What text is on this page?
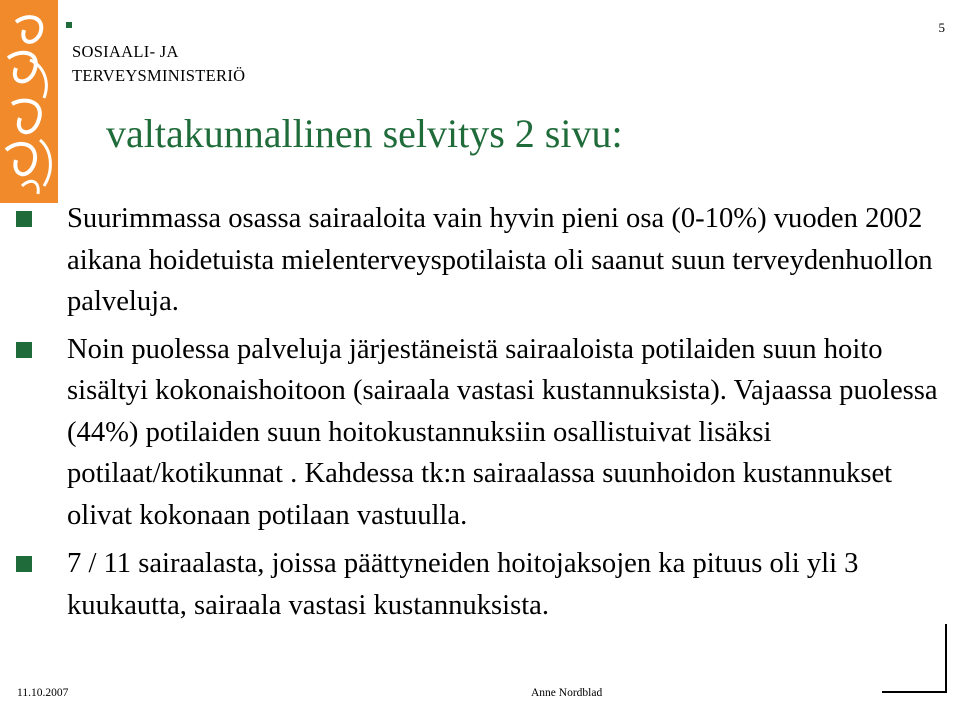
SOSIAALI- JA
TERVEYSMINISTERIÖ
5
valtakunnallinen selvitys 2 sivu:
Suurimmassa osassa sairaaloita vain hyvin pieni osa (0-10%) vuoden 2002 aikana hoidetuista mielenterveyspotilaista oli saanut suun terveydenhuollon palveluja.
Noin puolessa palveluja järjestäneistä sairaaloista potilaiden suun hoito sisältyi kokonaishoitoon (sairaala vastasi kustannuksista). Vajaassa puolessa (44%) potilaiden suun hoitokustannuksiin osallistuivat lisäksi potilaat/kotikunnat . Kahdessa tk:n sairaalassa suunhoidon kustannukset olivat kokonaan potilaan vastuulla.
7 / 11 sairaalasta, joissa päättyneiden hoitojaksojen ka pituus oli yli 3 kuukautta, sairaala vastasi kustannuksista.
11.10.2007	Anne Nordblad
